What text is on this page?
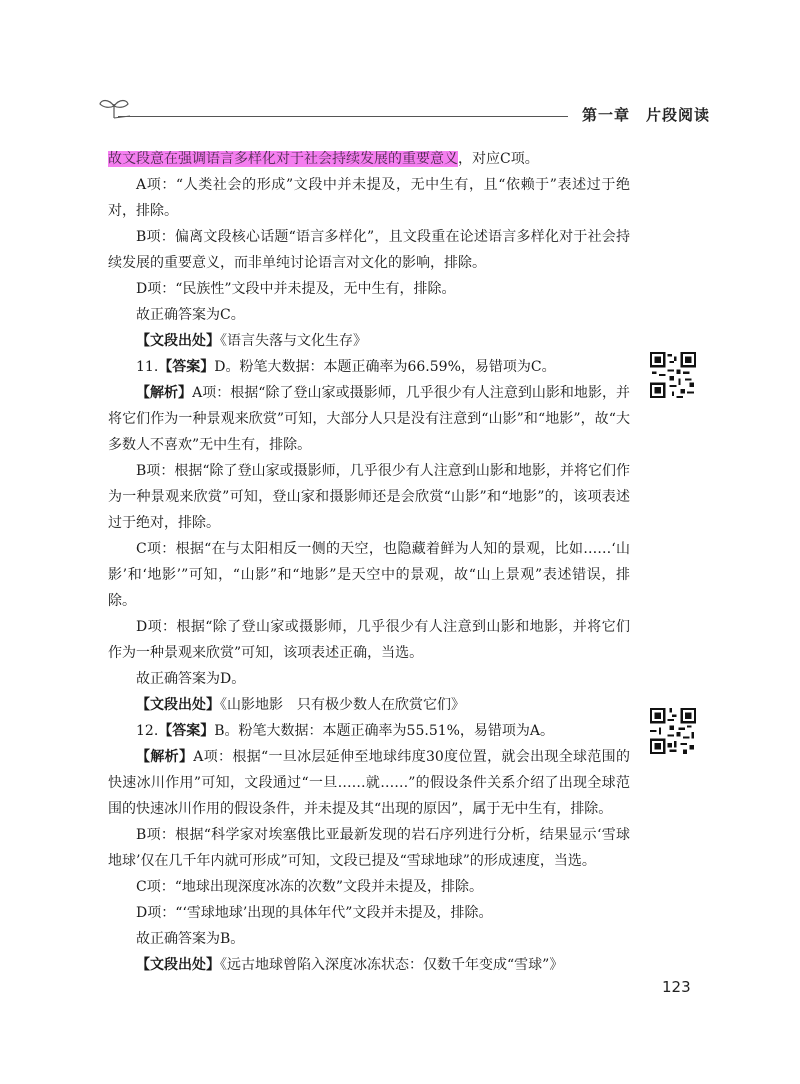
第一章　片段阅读

故文段意在强调语言多样化对于社会持续发展的重要意义，对应C项。

A项：“人类社会的形成”文段中并未提及，无中生有，且“依赖于”表述过于绝对，排除。

B项：偏离文段核心话题“语言多样化”，且文段重在论述语言多样化对于社会持续发展的重要意义，而非单纯讨论语言对文化的影响，排除。

D项：“民族性”文段中并未提及，无中生有，排除。

故正确答案为C。

【文段出处】《语言失落与文化生存》

11.【答案】D。粉笔大数据：本题正确率为66.59%，易错项为C。

【解析】A项：根据“除了登山家或摄影师，几乎很少有人注意到山影和地影，并将它们作为一种景观来欣赏”可知，大部分人只是没有注意到“山影”和“地影”，故“大多数人不喜欢”无中生有，排除。

B项：根据“除了登山家或摄影师，几乎很少有人注意到山影和地影，并将它们作为一种景观来欣赏”可知，登山家和摄影师还是会欣赏“山影”和“地影”的，该项表述过于绝对，排除。

C项：根据“在与太阳相反一侧的天空，也隐藏着鲜为人知的景观，比如……‘山影’和‘地影’”可知，“山影”和“地影”是天空中的景观，故“山上景观”表述错误，排除。

D项：根据“除了登山家或摄影师，几乎很少有人注意到山影和地影，并将它们作为一种景观来欣赏”可知，该项表述正确，当选。

故正确答案为D。

【文段出处】《山影地影　只有极少数人在欣赏它们》

12.【答案】B。粉笔大数据：本题正确率为55.51%，易错项为A。

【解析】A项：根据“一旦冰层延伸至地球纬度30度位置，就会出现全球范围的快速冰川作用”可知，文段通过“一旦……就……”的假设条件关系介绍了出现全球范围的快速冰川作用的假设条件，并未提及其“出现的原因”，属于无中生有，排除。

B项：根据“科学家对埃塞俄比亚最新发现的岩石序列进行分析，结果显示‘雪球地球’仅在几千年内就可形成”可知，文段已提及“雪球地球”的形成速度，当选。

C项：“地球出现深度冰冻的次数”文段并未提及，排除。

D项：“‘雪球地球’出现的具体年代”文段并未提及，排除。

故正确答案为B。

【文段出处】《远古地球曾陷入深度冰冻状态：仅数千年变成“雪球”》

123
